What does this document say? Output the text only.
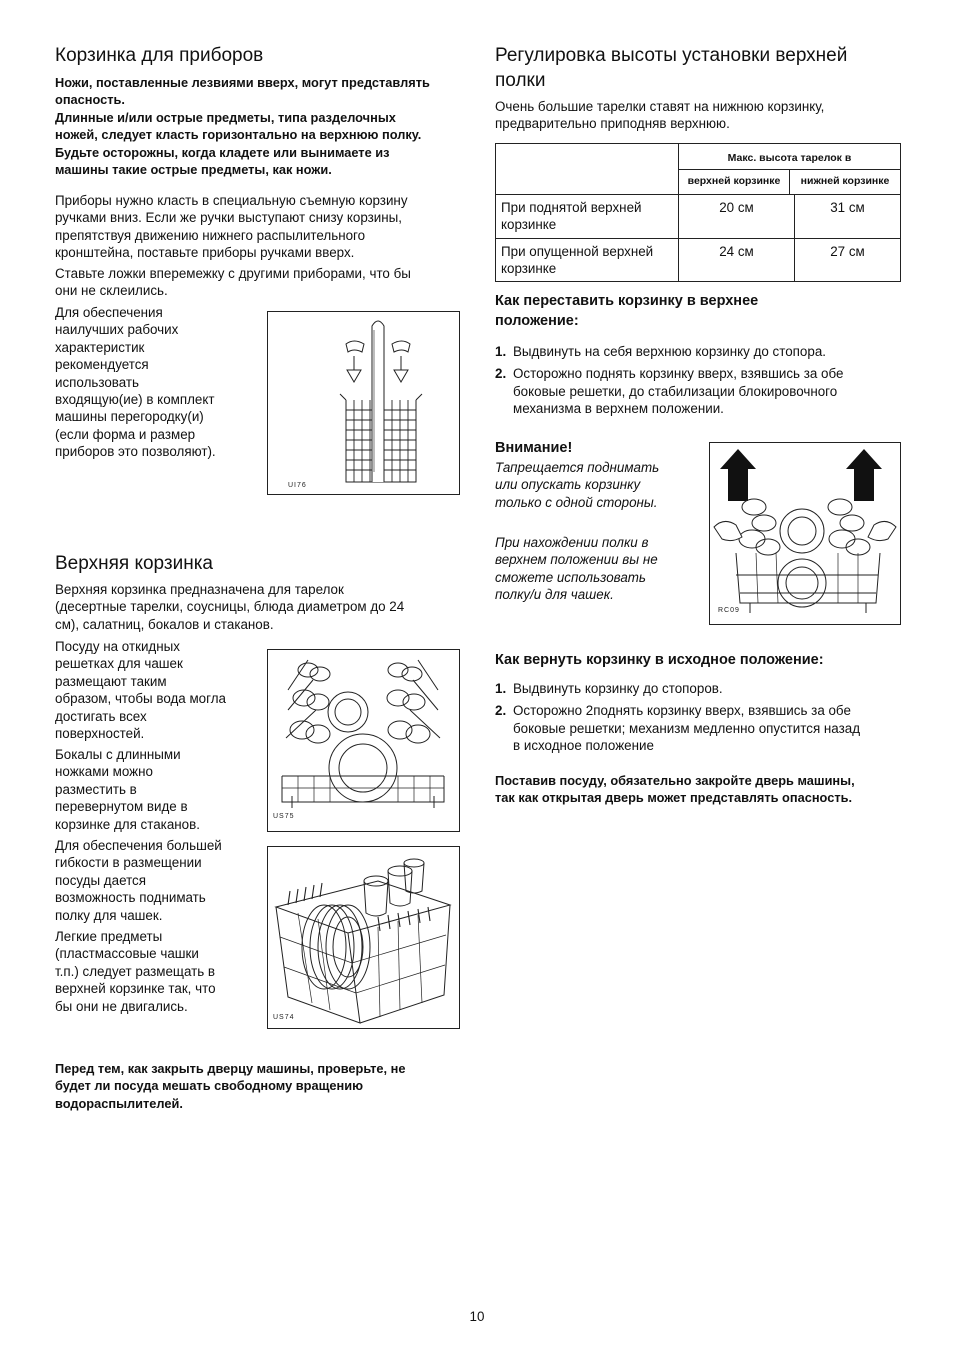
Корзинка для приборов
Ножи, поставленные лезвиями вверх, могут представлять
опасность.
Длинные и/или острые предметы, типа разделочных
ножей, следует класть горизонтально на верхнюю полку.
Будьте осторожны, когда кладете или вынимаете из
машины такие острые предметы, как ножи.

Приборы нужно класть в специальную съемную корзину

ручками вниз. Если же ручки выступают снизу корзины,

препятствуя движению нижнего распылительного

кронштейна, поставьте приборы ручками вверх.

Ставьте ложки вперемежку с другими приборами, что бы

они не склеились.

Для обеспечения

наилучших рабочих

характеристик

рекомендуется

использовать

входящую(ие) в комплект

машины перегородку(и)

(если форма и размер

приборов это позволяют).

UI76
Верхняя корзинка

Верхняя корзинка предназначена для тарелок

(десертные тарелки, соусницы, блюда диаметром до 24

см), салатниц, бокалов и стаканов.

Посуду на откидных

решетках для чашек

размещают таким

образом, чтобы вода могла

достигать всех

поверхностей.

Бокалы с длинными

ножками можно

разместить в

перевернутом виде в

корзинке для стаканов.

Для обеспечения большей

гибкости в размещении

посуды дается

возможность поднимать

полку для чашек.

Легкие предметы

(пластмассовые чашки

т.п.) следует размещать в

верхней корзинке так, что

бы они не двигались.

US75
US74
Перед тем, как закрыть дверцу машины, проверьте, не
будет ли посуда мешать свободному вращению
водораспылителей.
Регулировка высоты установки верхней
полки

Очень большие тарелки ставят на нижнюю корзинку,

предварительно приподняв верхнюю.

	Макс. высота тарелок в
верхней корзинке нижней корзинке	

При поднятой верхней
корзинке	20 см	31 см

При опущенной верхней
корзинке	24 см	27 см
Как переставить корзинку в верхнее
положение:
1. Выдвинуть на себя верхнюю корзинку до стопора.
2. Осторожно поднять корзинку вверх, взявшись за обе
боковые решетки, до стабилизации блокировочного
механизма в верхнем положении.
Внимание!
Тапрещается поднимать
или опускать корзинку
только с одной стороны.
При нахождении полки в
верхнем положении вы не
сможете использовать
полку/и для чашек.
RC09
Как вернуть корзинку в исходное положение:
1. Выдвинуть корзинку до стопоров.
2. Осторожно 2поднять корзинку вверх, взявшись за обе
боковые решетки; механизм медленно опустится назад
в исходное положение
Поставив посуду, обязательно закройте дверь машины,
так как открытая дверь может представлять опасность.
10
